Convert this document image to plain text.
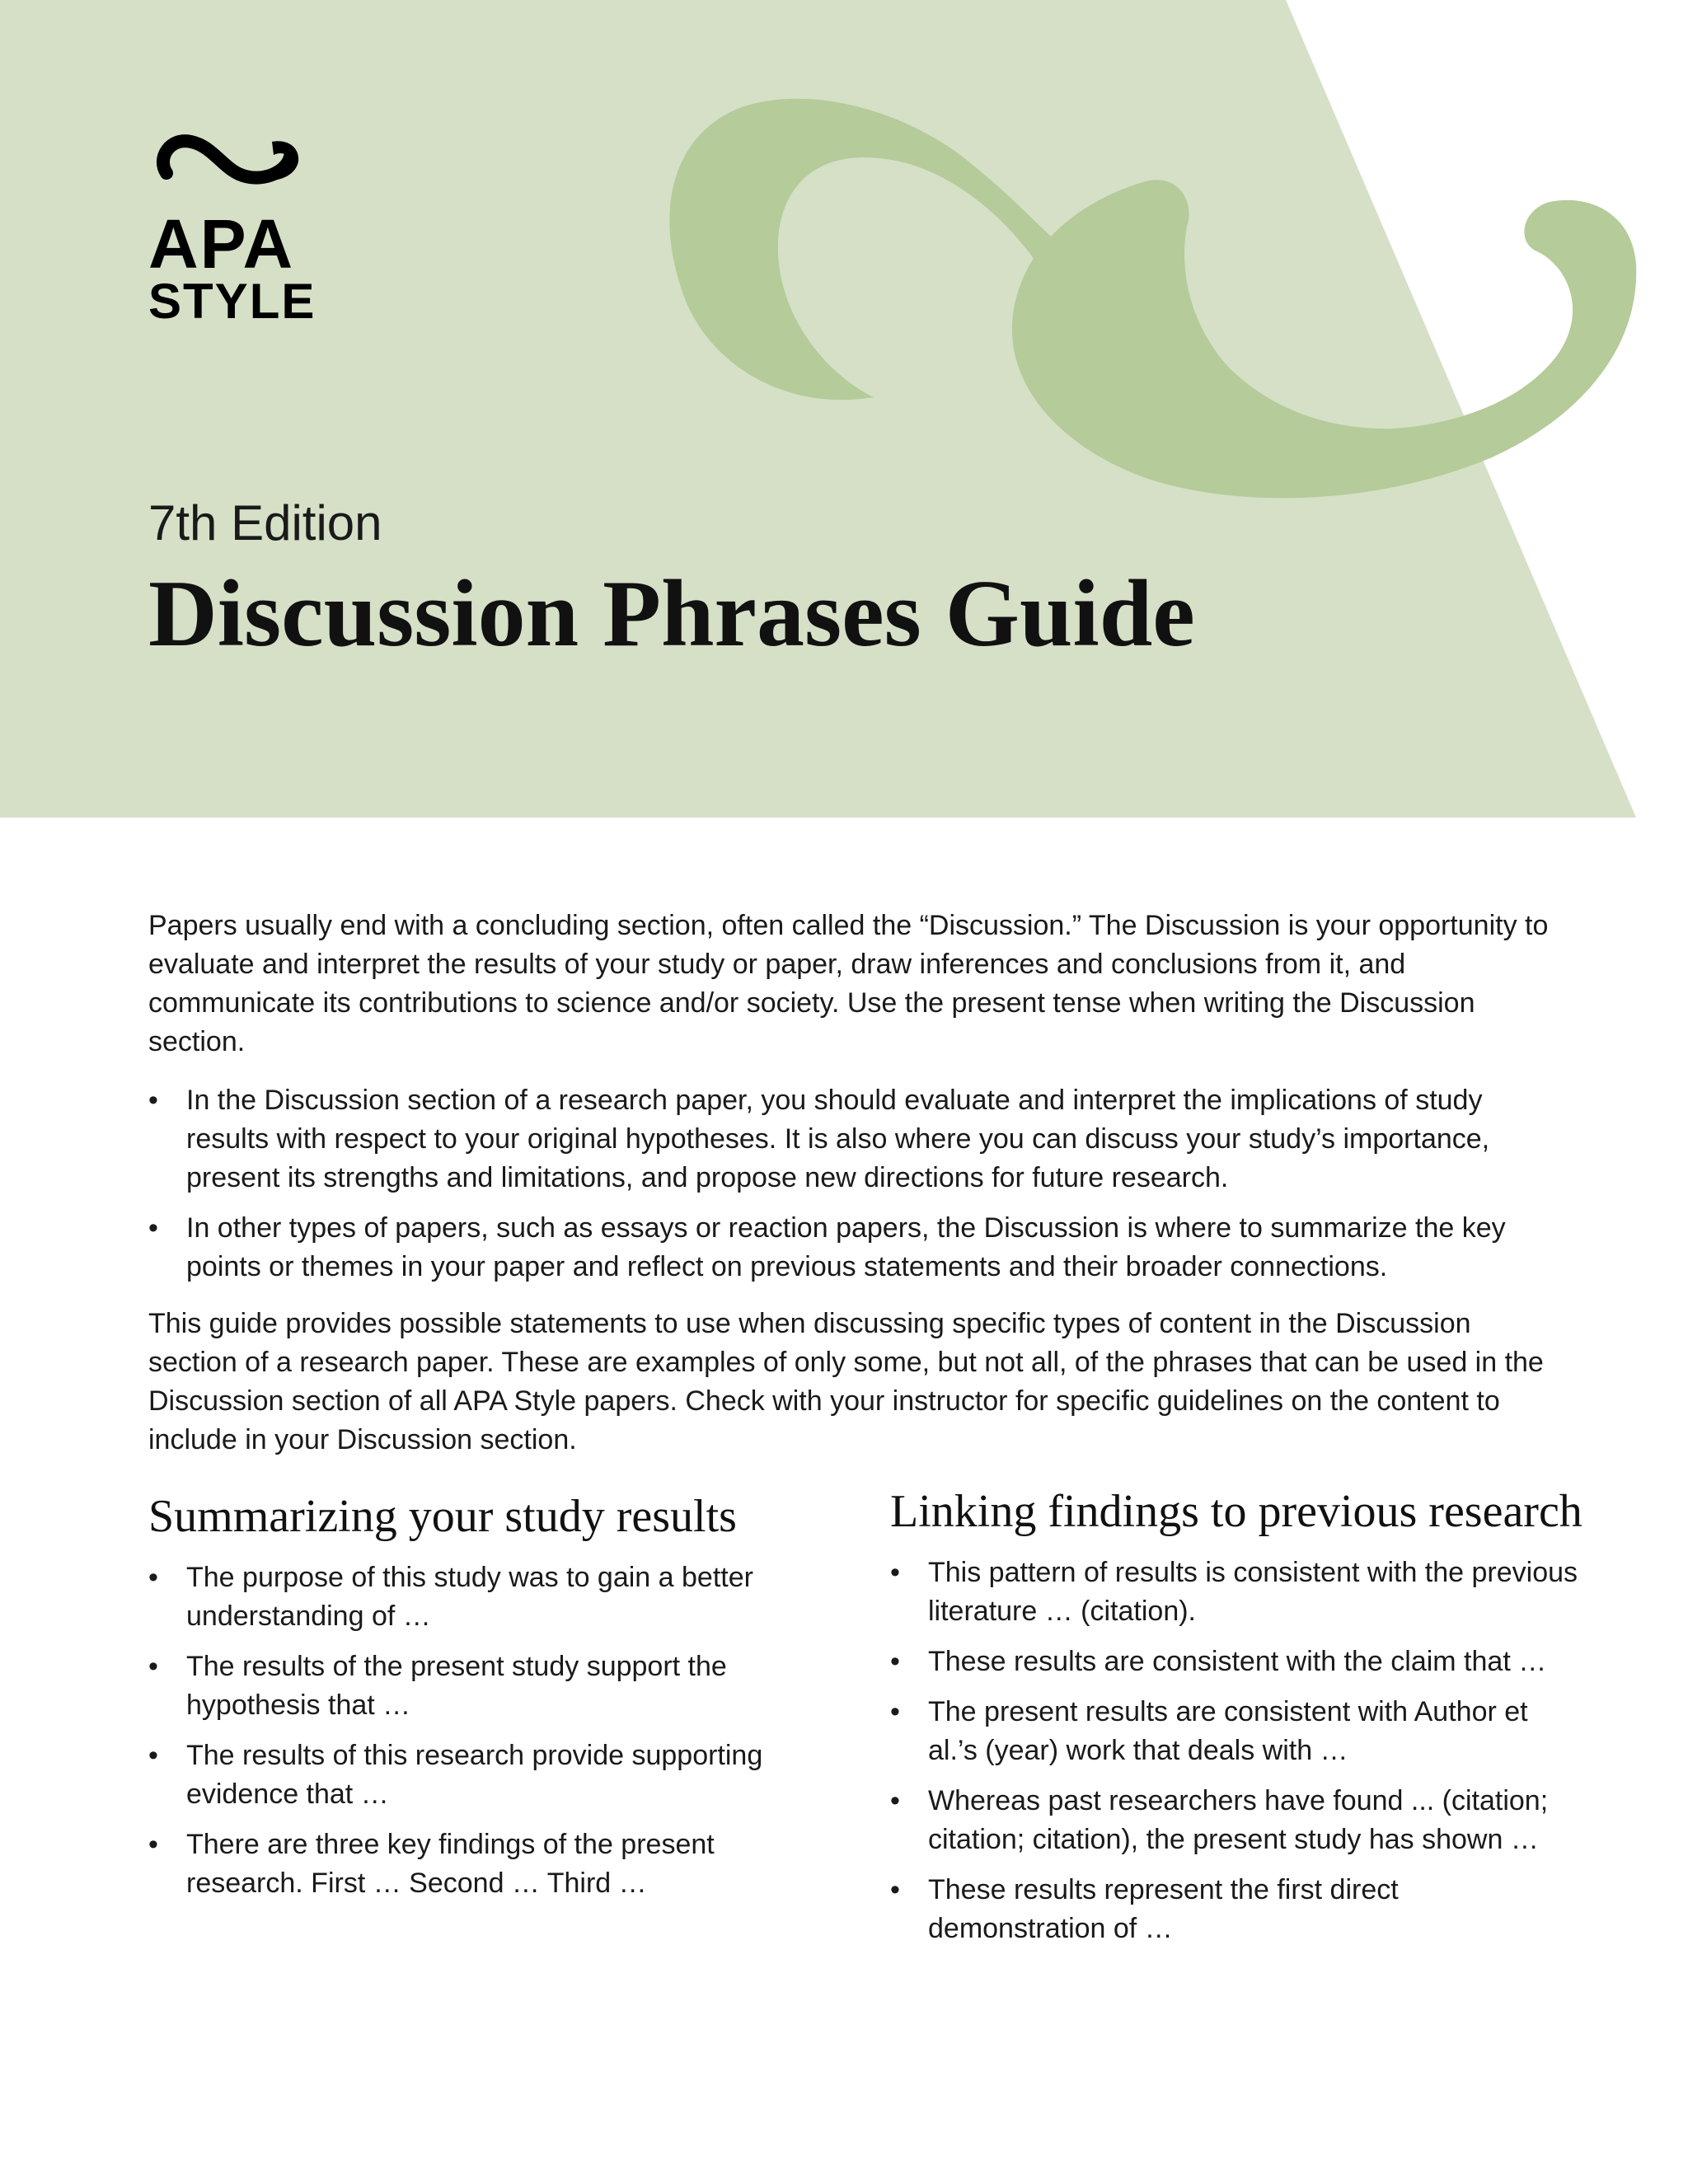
APA
STYLE
7th Edition
Discussion Phrases Guide

Papers usually end with a concluding section, often called the “Discussion.” The Discussion is your opportunity to evaluate and interpret the results of your study or paper, draw inferences and conclusions from it, and communicate its contributions to science and/or society. Use the present tense when writing the Discussion section.

• In the Discussion section of a research paper, you should evaluate and interpret the implications of study results with respect to your original hypotheses. It is also where you can discuss your study’s importance, present its strengths and limitations, and propose new directions for future research.
• In other types of papers, such as essays or reaction papers, the Discussion is where to summarize the key points or themes in your paper and reflect on previous statements and their broader connections.

This guide provides possible statements to use when discussing specific types of content in the Discussion section of a research paper. These are examples of only some, but not all, of the phrases that can be used in the Discussion section of all APA Style papers. Check with your instructor for specific guidelines on the content to include in your Discussion section.

Summarizing your study results
• The purpose of this study was to gain a better understanding of …
• The results of the present study support the hypothesis that …
• The results of this research provide supporting evidence that …
• There are three key findings of the present research. First … Second … Third …
Linking findings to previous research
• This pattern of results is consistent with the previous literature … (citation).
• These results are consistent with the claim that …
• The present results are consistent with Author et al.’s (year) work that deals with …
• Whereas past researchers have found ... (citation; citation; citation), the present study has shown …
• These results represent the first direct demonstration of …
